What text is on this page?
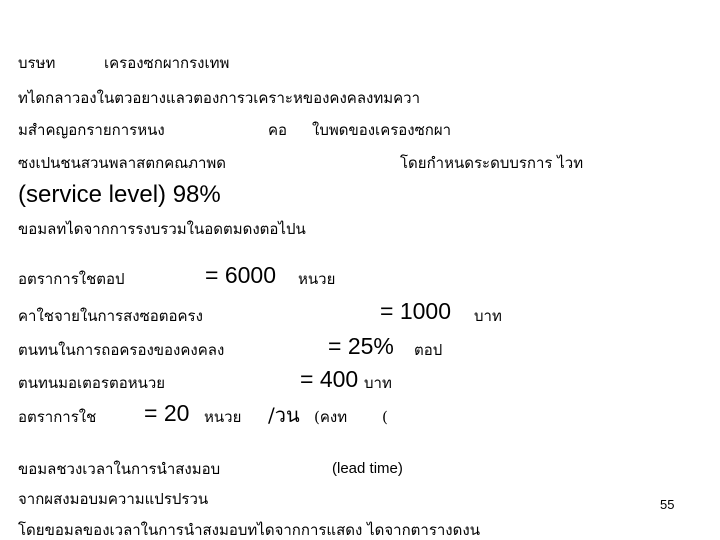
บรษท	เครองซกผากรงเทพ
ทไดกลาวองในตวอยางแลวตองการวเคราะหของคงคลงทมควา
มสำคญอกรายการหนง	คอ ใบพดของเครองซกผา
ซงเปนชนสวนพลาสตกคณภาพด	โดยกำหนดระดบบรการ ไวท
(service level) 98%
ขอมลทไดจากการรงบรวมในอดตมดงตอไปน
อตราการใชตอป	= 6000 หนวย
คาใชจายในการสงซอตอครง	= 1000 บาท
ตนทนในการถอครองของคงคลง	= 25% ตอป
ตนทนมอเตอรตอหนวย	= 400 บาท
อตราการใช = 20 หนวย /วน (คงท (
ขอมลชวงเวลาในการนำสงมอบ	(lead time)
จากผสงมอบมความแปรปรวน
โดยขอมลของเวลาในการนำสงมอบทไดจากการแสดง ไดจากตารางดงน
55
